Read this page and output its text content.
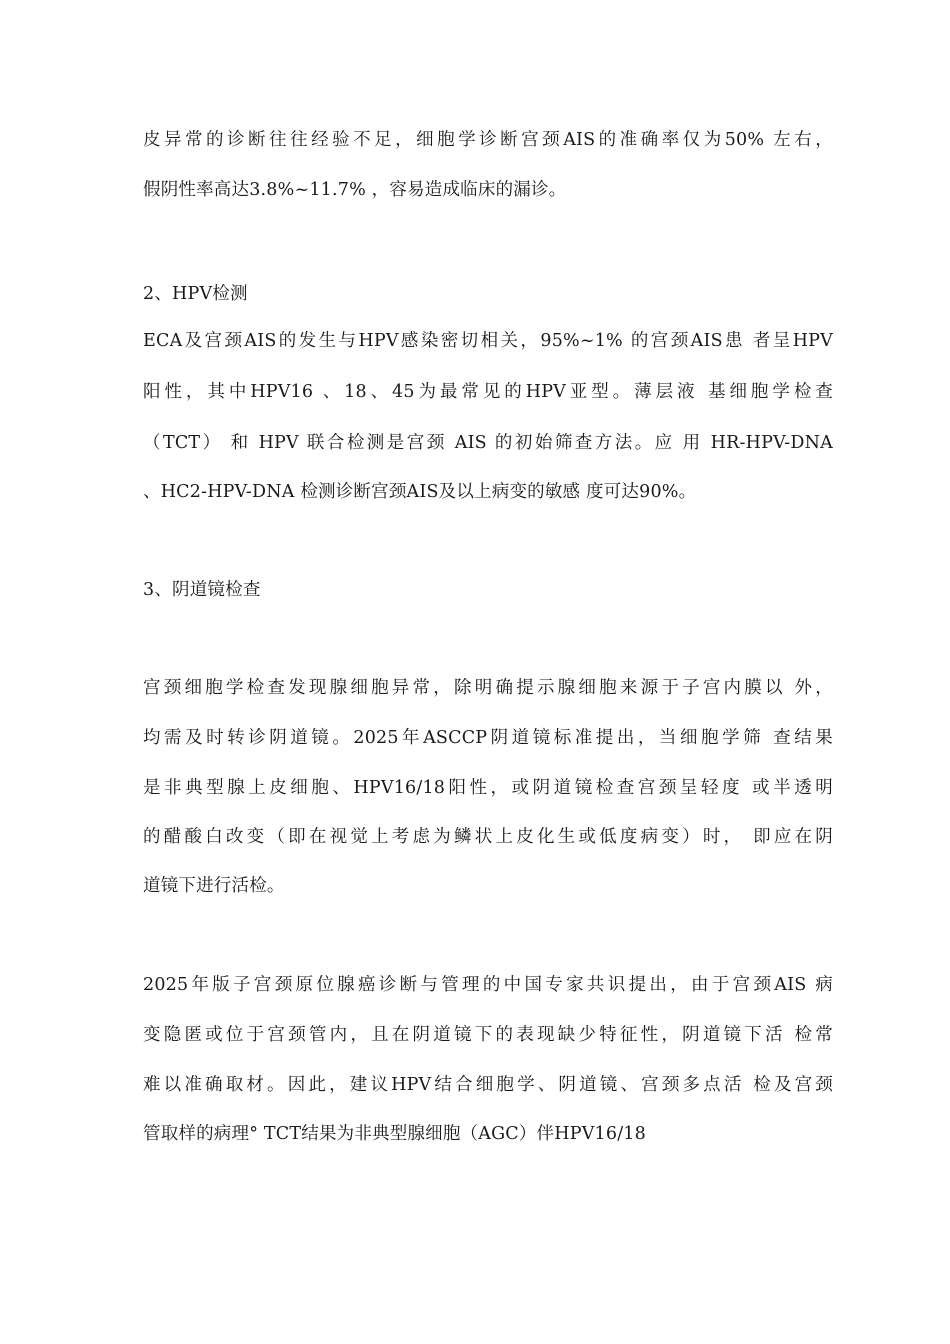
皮异常的诊断往往经验不足，细胞学诊断宫颈AIS的准确率仅为50% 左右，
假阴性率高达3.8%~11.7% ，容易造成临床的漏诊。
2、HPV检测
ECA及宫颈AIS的发生与HPV感染密切相关，95%~1% 的宫颈AIS患 者呈HPV
阳性，其中HPV16 、18、45为最常见的HPV亚型。薄层液 基细胞学检查
（TCT） 和 HPV 联合检测是宫颈 AIS 的初始筛查方法。应 用 HR-HPV-DNA
、HC2-HPV-DNA 检测诊断宫颈AIS及以上病变的敏感 度可达90%。
3、阴道镜检查
宫颈细胞学检查发现腺细胞异常，除明确提示腺细胞来源于子宫内膜以 外，
均需及时转诊阴道镜。2025年ASCCP阴道镜标准提出，当细胞学筛 查结果
是非典型腺上皮细胞、HPV16/18阳性，或阴道镜检查宫颈呈轻度 或半透明
的醋酸白改变（即在视觉上考虑为鳞状上皮化生或低度病变）时， 即应在阴
道镜下进行活检。
2025年版子宫颈原位腺癌诊断与管理的中国专家共识提出，由于宫颈AIS 病
变隐匿或位于宫颈管内，且在阴道镜下的表现缺少特征性，阴道镜下活 检常
难以准确取材。因此，建议HPV结合细胞学、阴道镜、宫颈多点活 检及宫颈
管取样的病理° TCT结果为非典型腺细胞（AGC）伴HPV16/18
